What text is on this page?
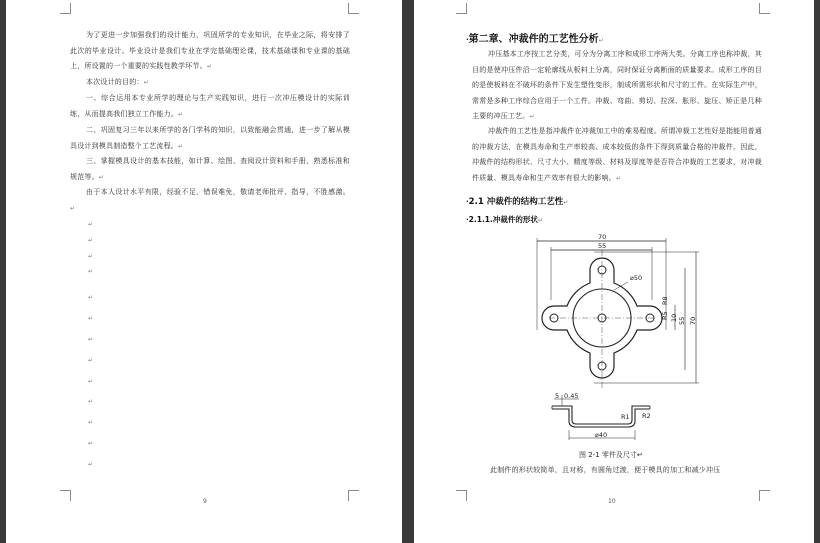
为了更进一步加强我们的设计能力，巩固所学的专业知识，在毕业之际，将安排了此次的毕业设计。毕业设计是我们专业在学完基础理论课，技术基础课和专业课的基础上，所设置的一个重要的实践性教学环节。↵
本次设计的目的：↵
一、综合运用本专业所学的理论与生产实践知识，进行一次冲压模设计的实际训练，从而提高我们独立工作能力。↵
二、巩固复习三年以来所学的各门学科的知识，以致能融会贯通，进一步了解从模具设计到模具制造整个工艺流程。↵
三、掌握模具设计的基本技能，如计算、绘图、查阅设计资料和手册，熟悉标准和规范等。↵
由于本人设计水平有限，经验不足，错误难免，敬请老师批评、指导，不胜感激。↵
↵
↵
↵
↵
↵
↵
↵
↵
↵
↵
↵
↵
↵
9
·第二章、冲裁件的工艺性分析↵
冲压基本工序按工艺分类，可分为分离工序和成形工序两大类。分离工序也称冲裁，其目的是使冲压件沿一定轮廓线从板料上分离，同时保证分离断面的质量要求。成形工序的目的是使板料在不破坏的条件下发生塑性变形，制成所需形状和尺寸的工件。在实际生产中，常常是多种工序综合应用于一个工件。冲裁、弯曲、剪切、拉深、胀形、旋压、矫正是几种主要的冲压工艺。↵
冲裁件的工艺性是指冲裁件在冲裁加工中的难易程度。所谓冲裁工艺性好是指能用普通的冲裁方法，在模具寿命和生产率较高、成本较低的条件下得到质量合格的冲裁件。因此，冲裁件的结构形状、尺寸大小、精度等级、材料及厚度等是否符合冲裁的工艺要求，对冲裁件质量、模具寿命和生产效率有很大的影响。↵
·2.1 冲裁件的结构工艺性↵
·2.1.1.冲裁件的形状↵
70
55
⌀50
R8
R5 10 55 70
⌀40
R1 R2
5 0.45
图 2-1 零件及尺寸↵
此制件的形状较简单，且对称，有圆角过渡，便于模具的加工和减少冲压
10
